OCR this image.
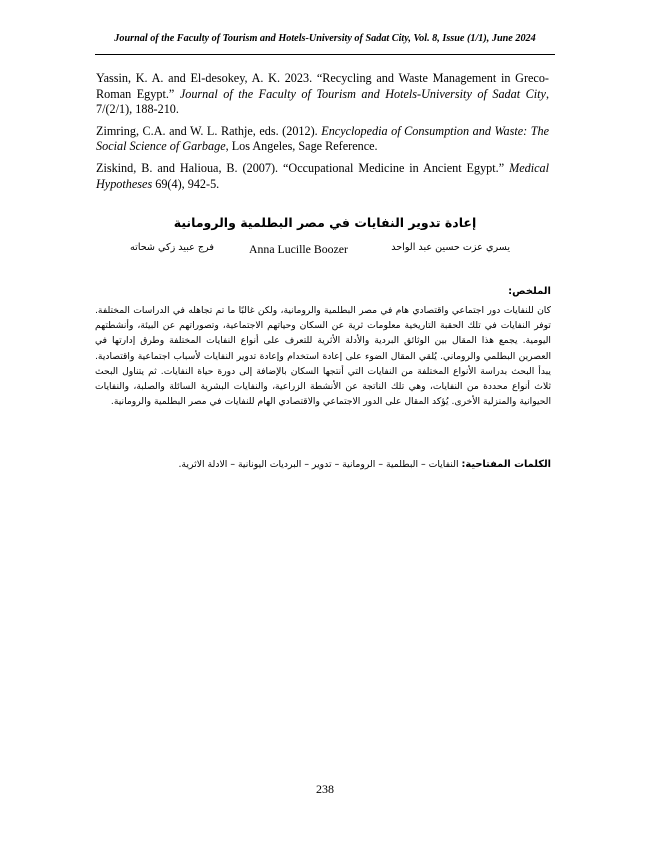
Journal of the Faculty of Tourism and Hotels-University of Sadat City, Vol. 8, Issue (1/1), June 2024

Yassin, K. A. and El-desokey, A. K. 2023. “Recycling and Waste Management in Greco-Roman Egypt.” Journal of the Faculty of Tourism and Hotels-University of Sadat City, 7/(2/1), 188-210.

Zimring, C.A. and W. L. Rathje, eds. (2012). Encyclopedia of Consumption and Waste: The Social Science of Garbage, Los Angeles, Sage Reference.

Ziskind, B. and Halioua, B. (2007). “Occupational Medicine in Ancient Egypt.” Medical Hypotheses 69(4), 942-5.

إعادة تدوير النفايات في مصر البطلمية والرومانية
يسري عزت حسين عبد الواحد
Anna Lucille Boozer
فرج عبيد زكي شحاته
الملخص:
كان للنفايات دور اجتماعي واقتصادي هام في مصر البطلمية والرومانية، ولكن غالبًا ما تم تجاهله في الدراسات المختلفة. توفر النفايات في تلك الحقبة التاريخية معلومات ثرية عن السكان وحياتهم الاجتماعية، وتصوراتهم عن البيئة، وأنشطتهم اليومية. يجمع هذا المقال بين الوثائق البردية والأدلة الأثرية للتعرف على أنواع النفايات المختلفة وطرق إدارتها في العصرين البطلمي والروماني. يُلقي المقال الضوء على إعادة استخدام وإعادة تدوير النفايات لأسباب اجتماعية واقتصادية. يبدأ البحث بدراسة الأنواع المختلفة من النفايات التي أنتجها السكان بالإضافة إلى دورة حياة النفايات. ثم يتناول البحث ثلاث أنواع محددة من النفايات، وهي تلك الناتجة عن الأنشطة الزراعية، والنفايات البشرية السائلة والصلبة، والنفايات الحيوانية والمنزلية الأخرى. يُؤكد المقال على الدور الاجتماعي والاقتصادي الهام للنفايات في مصر البطلمية والرومانية.
الكلمات المفتاحية: النفايات – البطلمية – الرومانية – تدوير – البرديات اليونانية – الادلة الاثرية.
238
